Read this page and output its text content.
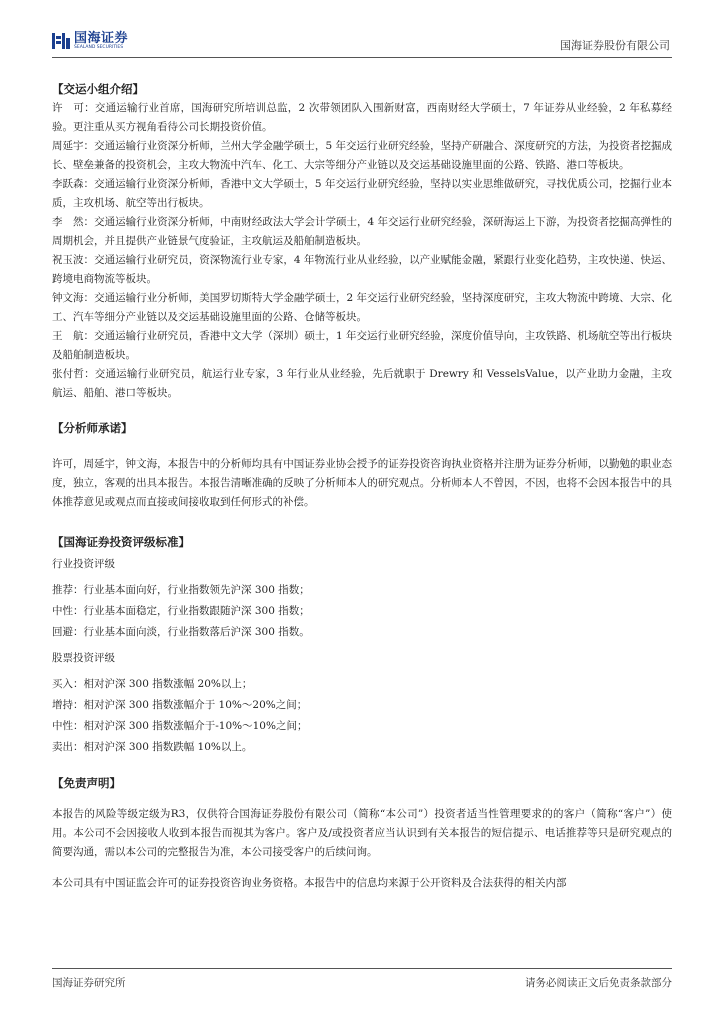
国海证券
SEALAND SECURITIES	国海证券股份有限公司
【交运小组介绍】
许　可：交通运输行业首席，国海研究所培训总监，2 次带领团队入围新财富，西南财经大学硕士，7 年证券从业经验，2 年私募经验。更注重从买方视角看待公司长期投资价值。
周延宇：交通运输行业资深分析师，兰州大学金融学硕士，5 年交运行业研究经验，坚持产研融合、深度研究的方法，为投资者挖掘成长、壁垒兼备的投资机会，主攻大物流中汽车、化工、大宗等细分产业链以及交运基础设施里面的公路、铁路、港口等板块。
李跃森：交通运输行业资深分析师，香港中文大学硕士，5 年交运行业研究经验，坚持以实业思维做研究，寻找优质公司，挖掘行业本质，主攻机场、航空等出行板块。
李　然：交通运输行业资深分析师，中南财经政法大学会计学硕士，4 年交运行业研究经验，深研海运上下游，为投资者挖掘高弹性的周期机会，并且提供产业链景气度验证，主攻航运及船舶制造板块。
祝玉波：交通运输行业研究员，资深物流行业专家，4 年物流行业从业经验，以产业赋能金融，紧跟行业变化趋势，主攻快递、快运、跨境电商物流等板块。
钟文海：交通运输行业分析师，美国罗切斯特大学金融学硕士，2 年交运行业研究经验，坚持深度研究，主攻大物流中跨境、大宗、化工、汽车等细分产业链以及交运基础设施里面的公路、仓储等板块。
王　航：交通运输行业研究员，香港中文大学（深圳）硕士，1 年交运行业研究经验，深度价值导向，主攻铁路、机场航空等出行板块及船舶制造板块。
张付哲：交通运输行业研究员，航运行业专家，3 年行业从业经验，先后就职于 Drewry 和 VesselsValue，以产业助力金融，主攻航运、船舶、港口等板块。
【分析师承诺】
许可，周延宇，钟文海，本报告中的分析师均具有中国证券业协会授予的证券投资咨询执业资格并注册为证券分析师，以勤勉的职业态度，独立，客观的出具本报告。本报告清晰准确的反映了分析师本人的研究观点。分析师本人不曾因，不因，也将不会因本报告中的具体推荐意见或观点而直接或间接收取到任何形式的补偿。
【国海证券投资评级标准】
行业投资评级
推荐：行业基本面向好，行业指数领先沪深 300 指数；
中性：行业基本面稳定，行业指数跟随沪深 300 指数；
回避：行业基本面向淡，行业指数落后沪深 300 指数。
股票投资评级
买入：相对沪深 300 指数涨幅 20%以上；
增持：相对沪深 300 指数涨幅介于 10%～20%之间；
中性：相对沪深 300 指数涨幅介于-10%～10%之间；
卖出：相对沪深 300 指数跌幅 10%以上。
【免责声明】
本报告的风险等级定级为R3，仅供符合国海证券股份有限公司（简称“本公司”）投资者适当性管理要求的的客户（简称“客户”）使用。本公司不会因接收人收到本报告而视其为客户。客户及/或投资者应当认识到有关本报告的短信提示、电话推荐等只是研究观点的简要沟通，需以本公司的完整报告为准，本公司接受客户的后续问询。
本公司具有中国证监会许可的证券投资咨询业务资格。本报告中的信息均来源于公开资料及合法获得的相关内部
国海证券研究所	请务必阅读正文后免责条款部分
